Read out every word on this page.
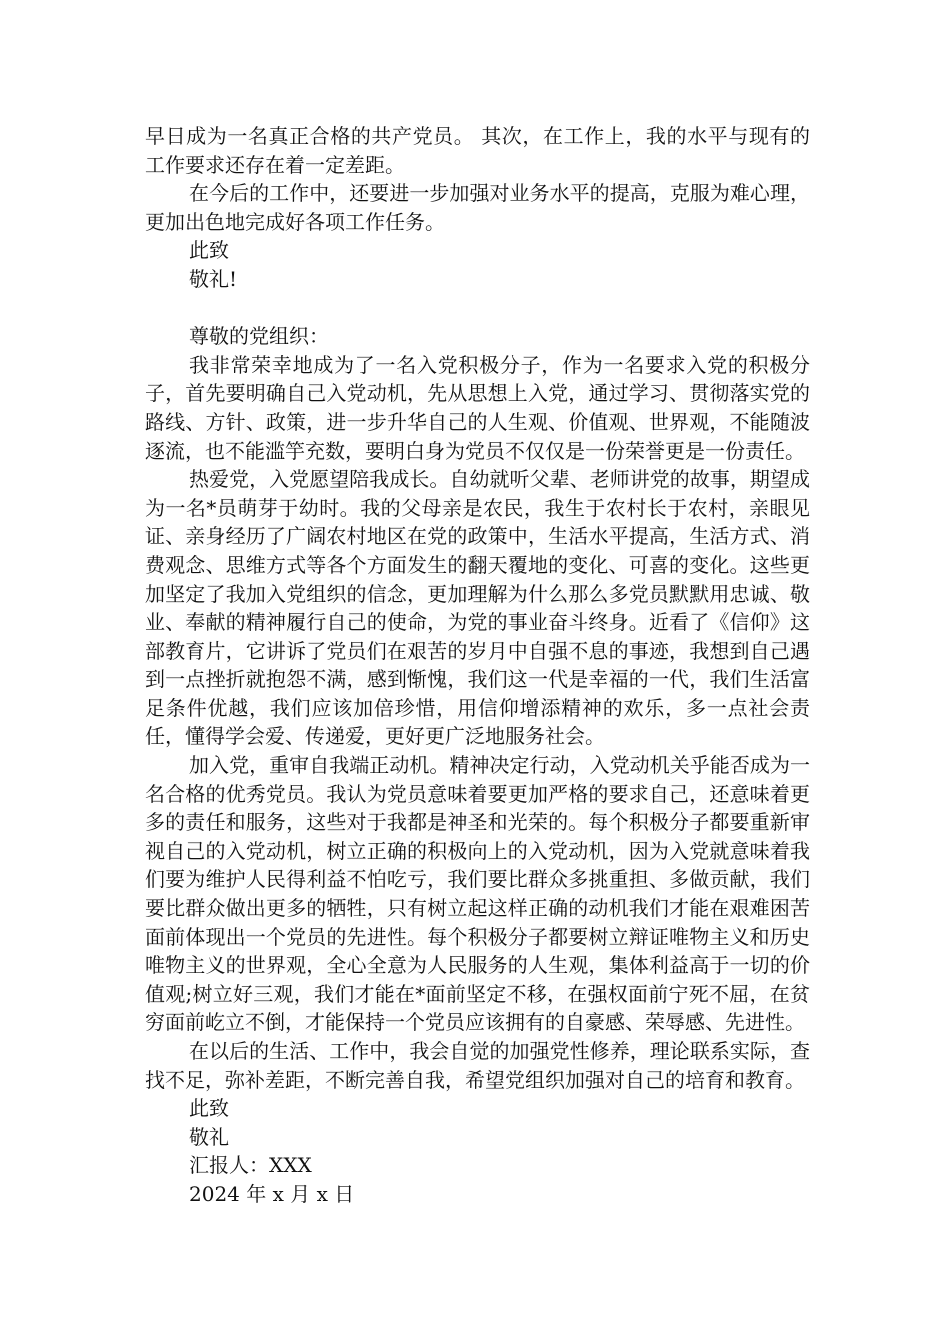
早日成为一名真正合格的共产党员。 其次，在工作上，我的水平与现有的工作要求还存在着一定差距。

在今后的工作中，还要进一步加强对业务水平的提高，克服为难心理，更加出色地完成好各项工作任务。

此致

敬礼!

尊敬的党组织：

我非常荣幸地成为了一名入党积极分子，作为一名要求入党的积极分子，首先要明确自己入党动机，先从思想上入党，通过学习、贯彻落实党的路线、方针、政策，进一步升华自己的人生观、价值观、世界观，不能随波逐流，也不能滥竽充数，要明白身为党员不仅仅是一份荣誉更是一份责任。

热爱党，入党愿望陪我成长。自幼就听父辈、老师讲党的故事，期望成为一名*员萌芽于幼时。我的父母亲是农民，我生于农村长于农村，亲眼见证、亲身经历了广阔农村地区在党的政策中，生活水平提高，生活方式、消费观念、思维方式等各个方面发生的翻天覆地的变化、可喜的变化。这些更加坚定了我加入党组织的信念，更加理解为什么那么多党员默默用忠诚、敬业、奉献的精神履行自己的使命，为党的事业奋斗终身。近看了《信仰》这部教育片，它讲诉了党员们在艰苦的岁月中自强不息的事迹，我想到自己遇到一点挫折就抱怨不满，感到惭愧，我们这一代是幸福的一代，我们生活富足条件优越，我们应该加倍珍惜，用信仰增添精神的欢乐，多一点社会责任，懂得学会爱、传递爱，更好更广泛地服务社会。

加入党，重审自我端正动机。精神决定行动，入党动机关乎能否成为一名合格的优秀党员。我认为党员意味着要更加严格的要求自己，还意味着更多的责任和服务，这些对于我都是神圣和光荣的。每个积极分子都要重新审视自己的入党动机，树立正确的积极向上的入党动机，因为入党就意味着我们要为维护人民得利益不怕吃亏，我们要比群众多挑重担、多做贡献，我们要比群众做出更多的牺牲，只有树立起这样正确的动机我们才能在艰难困苦面前体现出一个党员的先进性。每个积极分子都要树立辩证唯物主义和历史唯物主义的世界观，全心全意为人民服务的人生观，集体利益高于一切的价值观;树立好三观，我们才能在*面前坚定不移，在强权面前宁死不屈，在贫穷面前屹立不倒，才能保持一个党员应该拥有的自豪感、荣辱感、先进性。

在以后的生活、工作中，我会自觉的加强党性修养，理论联系实际，查找不足，弥补差距，不断完善自我，希望党组织加强对自己的培育和教育。

此致

敬礼

汇报人：XXX

2024 年 x 月 x 日
